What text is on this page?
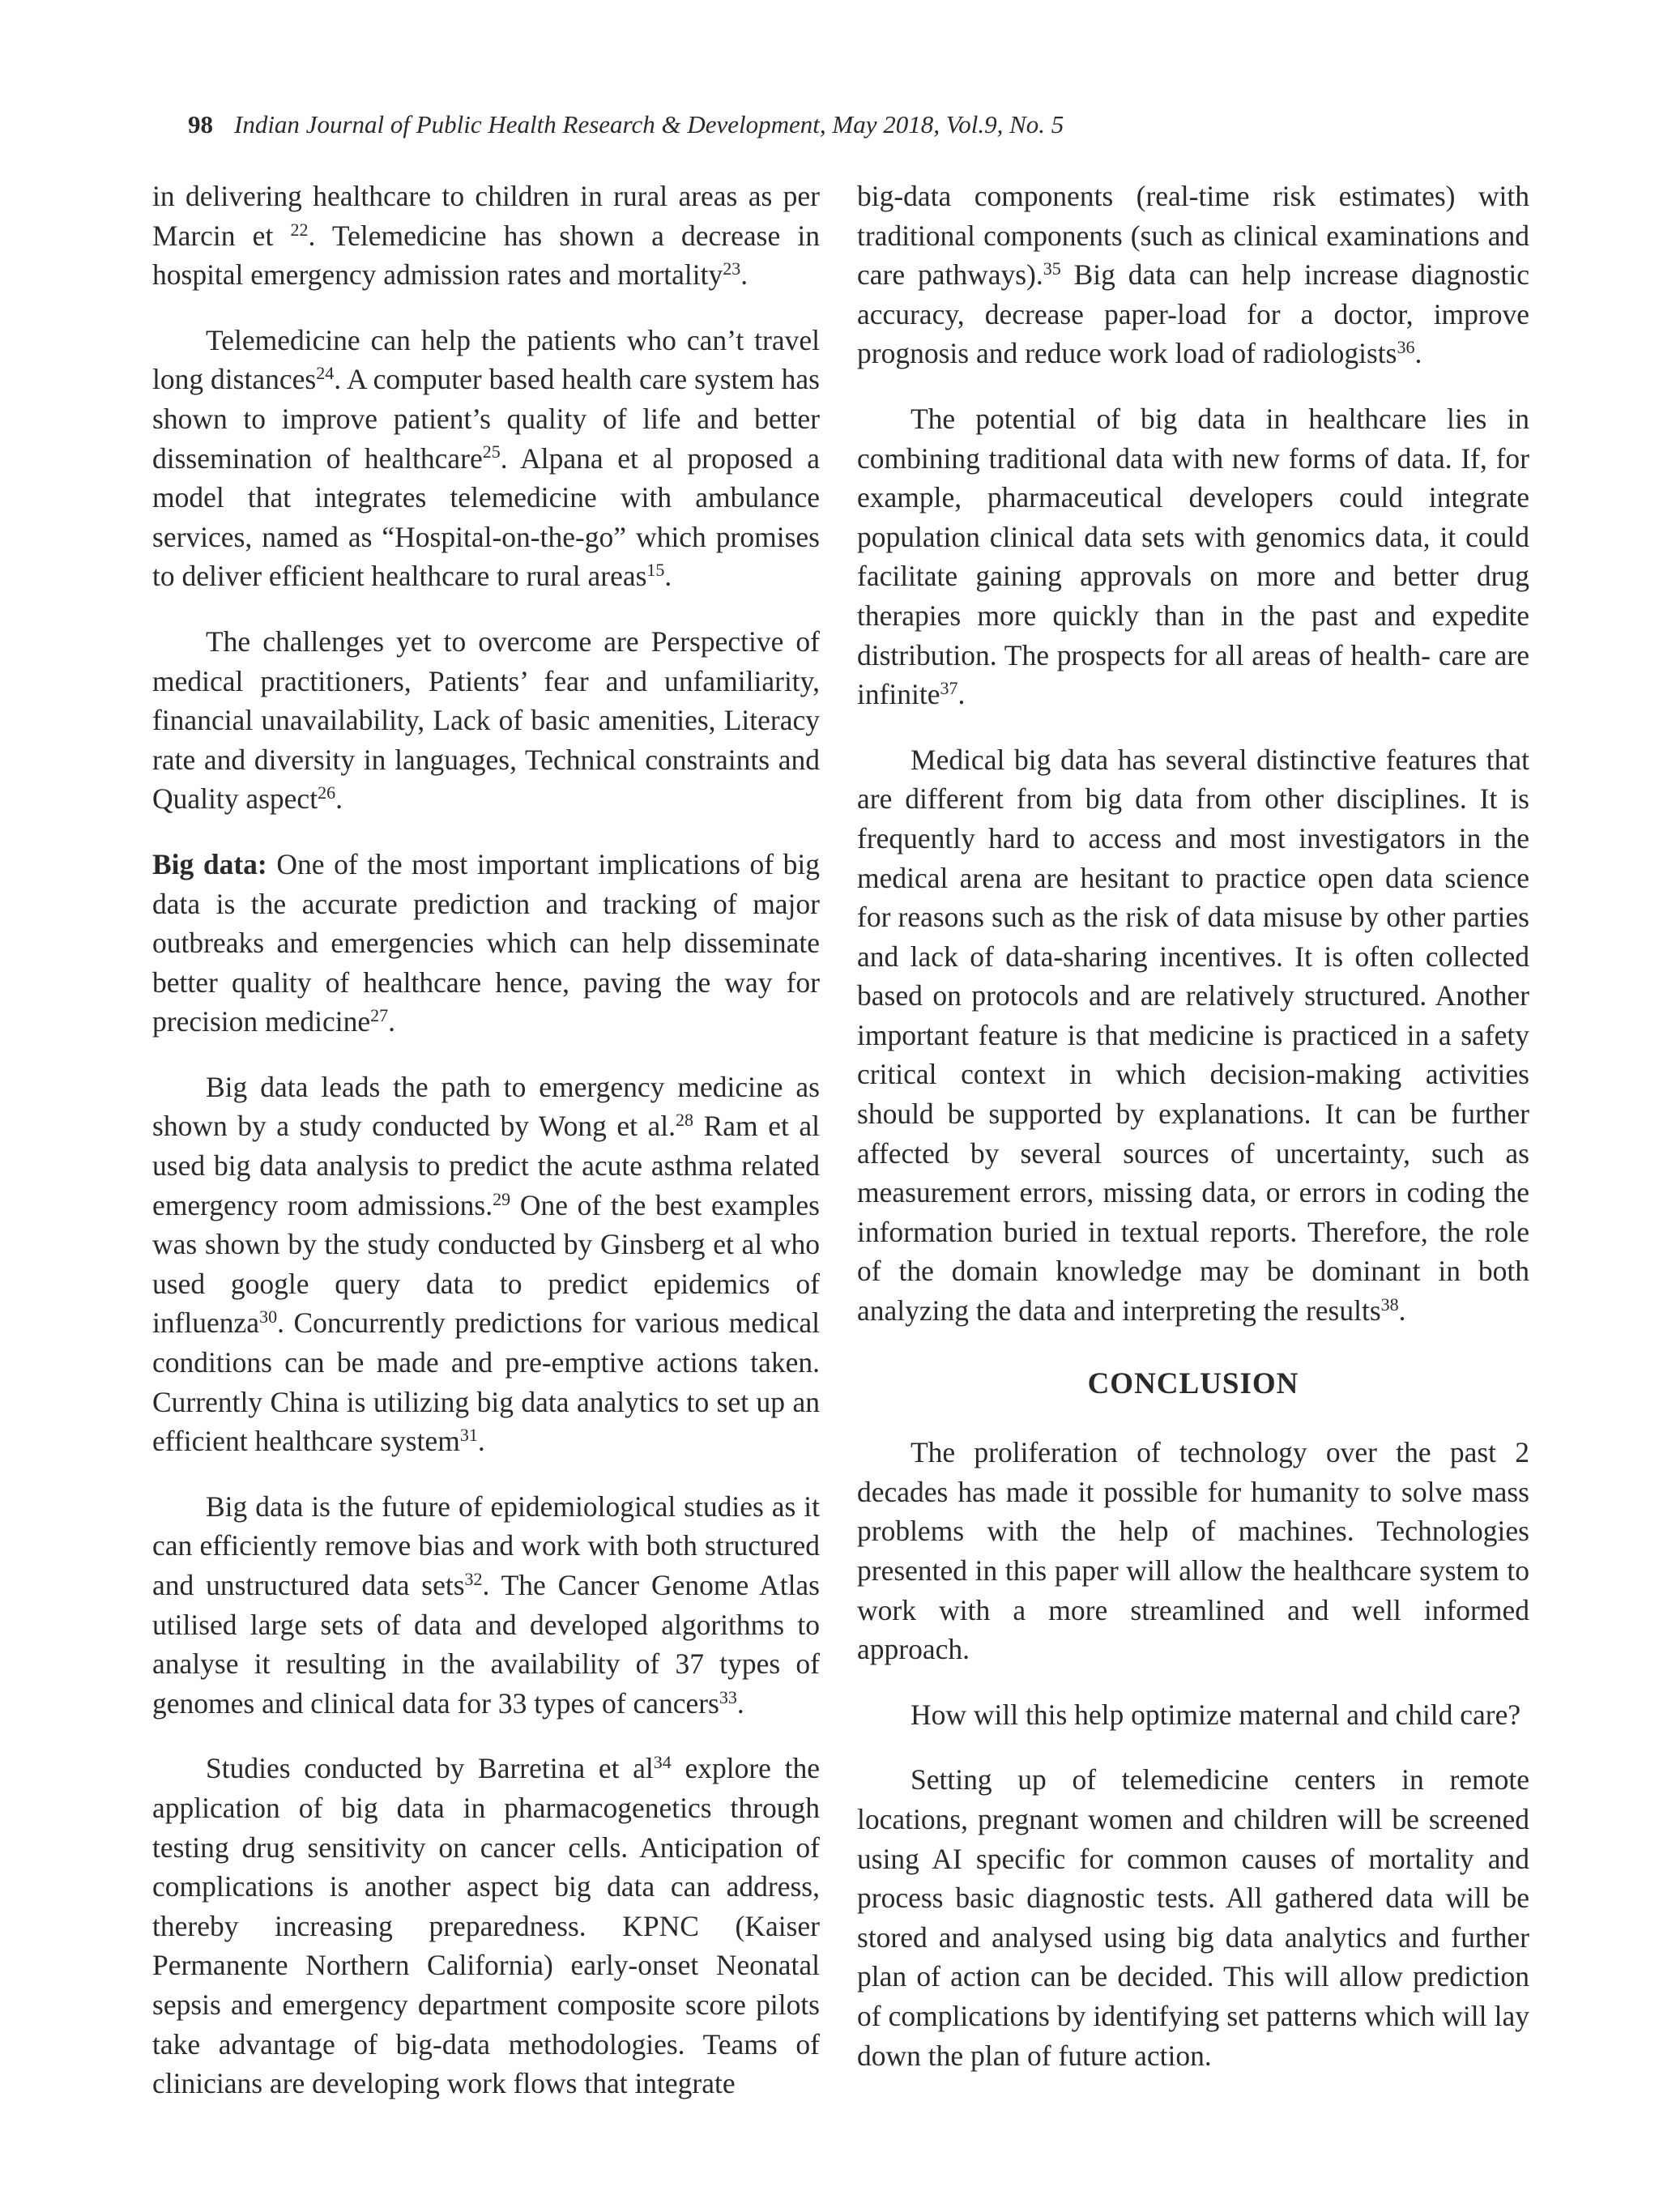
98 Indian Journal of Public Health Research & Development, May 2018, Vol.9, No. 5

in delivering healthcare to children in rural areas as per Marcin et $^{22}$. Telemedicine has shown a decrease in hospital emergency admission rates and mortality$^{23}$.

Telemedicine can help the patients who can’t travel long distances$^{24}$. A computer based health care system has shown to improve patient’s quality of life and better dissemination of healthcare$^{25}$. Alpana et al proposed a model that integrates telemedicine with ambulance services, named as “Hospital-on-the-go” which promises to deliver efficient healthcare to rural areas$^{15}$.

The challenges yet to overcome are Perspective of medical practitioners, Patients’ fear and unfamiliarity, financial unavailability, Lack of basic amenities, Literacy rate and diversity in languages, Technical constraints and Quality aspect$^{26}$.

Big data: One of the most important implications of big data is the accurate prediction and tracking of major outbreaks and emergencies which can help disseminate better quality of healthcare hence, paving the way for precision medicine$^{27}$.

Big data leads the path to emergency medicine as shown by a study conducted by Wong et al.$^{28}$ Ram et al used big data analysis to predict the acute asthma related emergency room admissions.$^{29}$ One of the best examples was shown by the study conducted by Ginsberg et al who used google query data to predict epidemics of influenza$^{30}$. Concurrently predictions for various medical conditions can be made and pre-emptive actions taken. Currently China is utilizing big data analytics to set up an efficient healthcare system$^{31}$.

Big data is the future of epidemiological studies as it can efficiently remove bias and work with both structured and unstructured data sets$^{32}$. The Cancer Genome Atlas utilised large sets of data and developed algorithms to analyse it resulting in the availability of 37 types of genomes and clinical data for 33 types of cancers$^{33}$.

Studies conducted by Barretina et $al^{34}$ explore the application of big data in pharmacogenetics through testing drug sensitivity on cancer cells. Anticipation of complications is another aspect big data can address, thereby increasing preparedness. KPNC (Kaiser Permanente Northern California) early-onset Neonatal sepsis and emergency department composite score pilots take advantage of big-data methodologies. Teams of clinicians are developing work flows that integrate

big-data components (real-time risk estimates) with traditional components (such as clinical examinations and care pathways).$^{35}$ Big data can help increase diagnostic accuracy, decrease paper-load for a doctor, improve prognosis and reduce work load of radiologists$^{36}$.

The potential of big data in healthcare lies in combining traditional data with new forms of data. If, for example, pharmaceutical developers could integrate population clinical data sets with genomics data, it could facilitate gaining approvals on more and better drug therapies more quickly than in the past and expedite distribution. The prospects for all areas of health- care are infinite$^{37}$.

Medical big data has several distinctive features that are different from big data from other disciplines. It is frequently hard to access and most investigators in the medical arena are hesitant to practice open data science for reasons such as the risk of data misuse by other parties and lack of data-sharing incentives. It is often collected based on protocols and are relatively structured. Another important feature is that medicine is practiced in a safety critical context in which decision-making activities should be supported by explanations. It can be further affected by several sources of uncertainty, such as measurement errors, missing data, or errors in coding the information buried in textual reports. Therefore, the role of the domain knowledge may be dominant in both analyzing the data and interpreting the results$^{38}$.

CONCLUSION

The proliferation of technology over the past 2 decades has made it possible for humanity to solve mass problems with the help of machines. Technologies presented in this paper will allow the healthcare system to work with a more streamlined and well informed approach.

How will this help optimize maternal and child care?

Setting up of telemedicine centers in remote locations, pregnant women and children will be screened using AI specific for common causes of mortality and process basic diagnostic tests. All gathered data will be stored and analysed using big data analytics and further plan of action can be decided. This will allow prediction of complications by identifying set patterns which will lay down the plan of future action.
